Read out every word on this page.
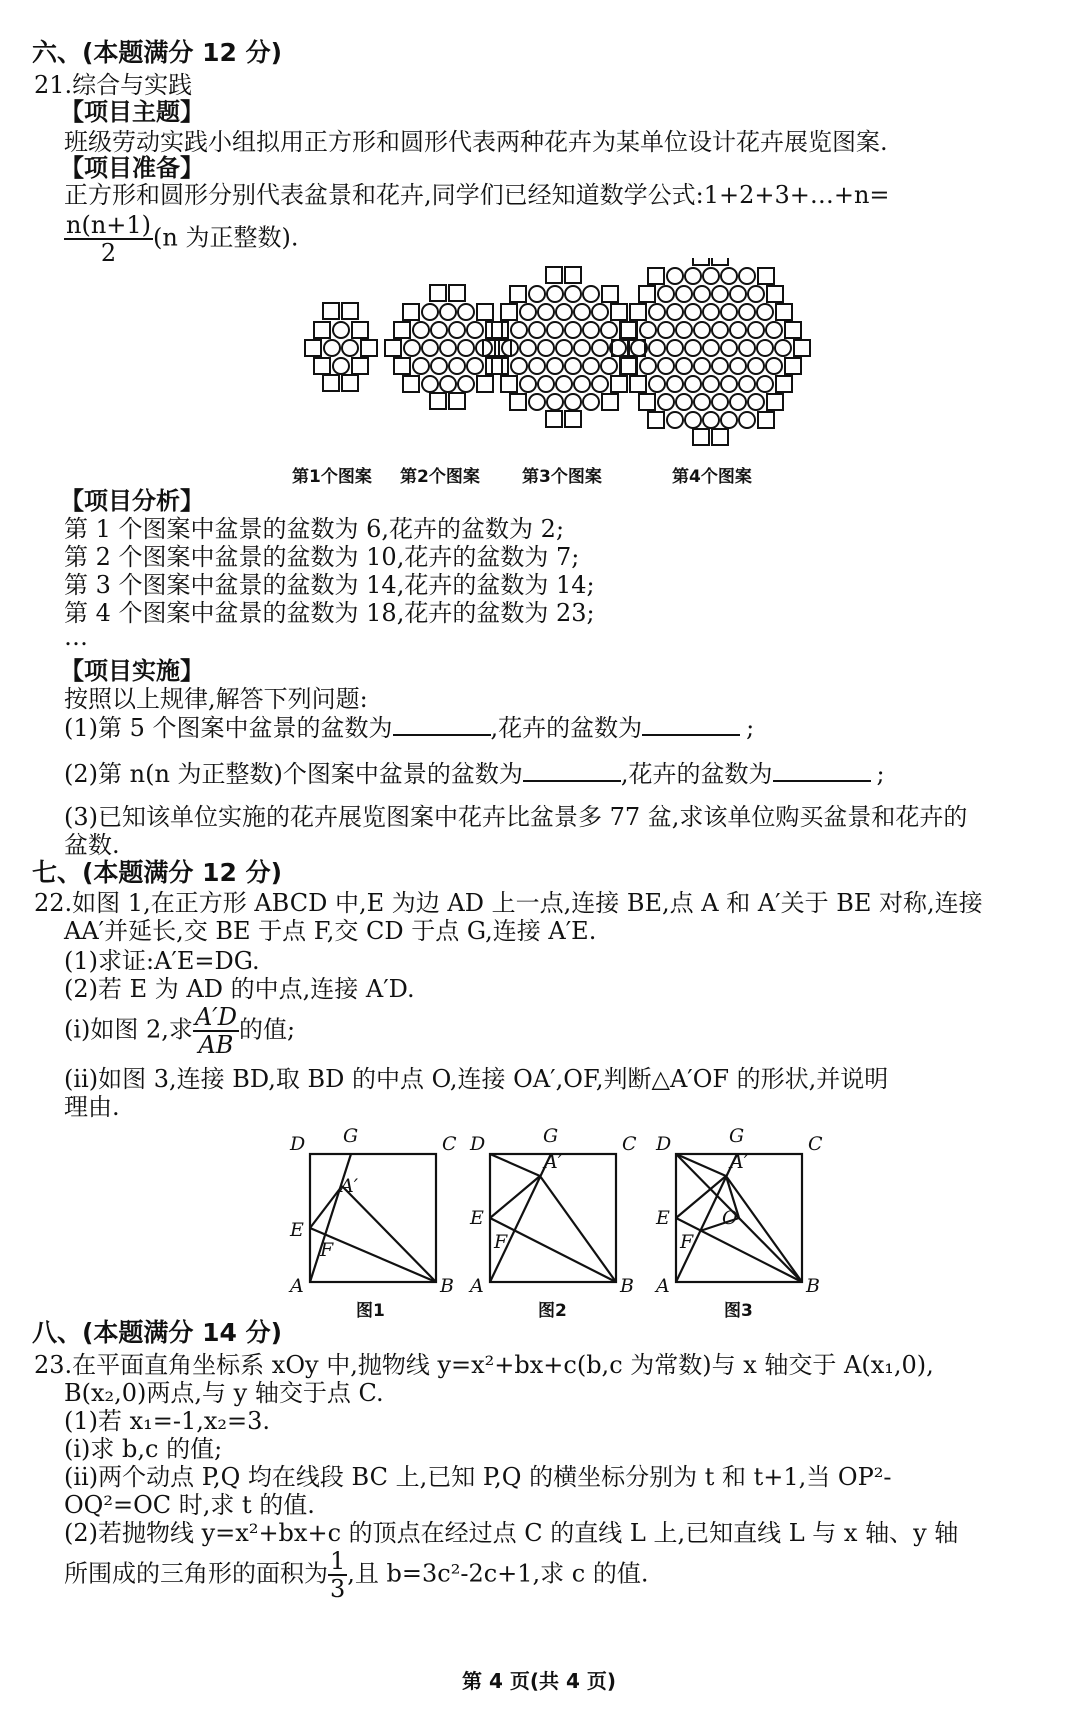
六、(本题满分 12 分)
21.综合与实践
【项目主题】
班级劳动实践小组拟用正方形和圆形代表两种花卉为某单位设计花卉展览图案.
【项目准备】
正方形和圆形分别代表盆景和花卉,同学们已经知道数学公式:1+2+3+…+n=
$\frac{n(n+1)}{2} (n$ 为正整数).
第1个图案 第2个图案 第3个图案	第4个图案
【项目分析】
第 1 个图案中盆景的盆数为 6,花卉的盆数为 2;
第 2 个图案中盆景的盆数为 10,花卉的盆数为 7;
第 3 个图案中盆景的盆数为 14,花卉的盆数为 14;
第 4 个图案中盆景的盆数为 18,花卉的盆数为 23;
…
【项目实施】
按照以上规律,解答下列问题:
(1)第 5 个图案中盆景的盆数为	,花卉的盆数为	;
(2)第 n(n 为正整数)个图案中盆景的盆数为	,花卉的盆数为	;
(3)已知该单位实施的花卉展览图案中花卉比盆景多 77 盆,求该单位购买盆景和花卉的
盆数.
七、(本题满分 12 分)
22.如图 1,在正方形 ABCD 中,E 为边 AD 上一点,连接 BE,点 A 和 A′关于 BE 对称,连接
AA′并延长,交 BE 于点 F,交 CD 于点 G,连接 A′E.
(1)求证:A′E=DG.
(2)若 E 为 AD 的中点,连接 A′D.
(ⅰ)如图 2,求 $\frac{A'D}{AB}$ 的值;
(ⅱ)如图 3,连接 BD,取 BD 的中点 O,连接 OA′,OF,判断△A′OF 的形状,并说明
理由.
D G	C
A′
E
F
A	B
D	G	C
A′
E
F
A	B
D	G	C
A′
E
F
O
A	B
图1	图2	图3
八、(本题满分 14 分)
23.在平面直角坐标系 xOy 中,抛物线 y=x²+bx+c(b,c 为常数)与 x 轴交于 A(x₁,0),
B(x₂,0)两点,与 y 轴交于点 C.
(1)若 x₁=-1,x₂=3.
(ⅰ)求 b,c 的值;
(ⅱ)两个动点 P,Q 均在线段 BC 上,已知 P,Q 的横坐标分别为 t 和 t+1,当 OP²-
OQ²=OC 时,求 t 的值.
(2)若抛物线 y=x²+bx+c 的顶点在经过点 C 的直线 L 上,已知直线 L 与 x 轴、y 轴
所围成的三角形的面积为 $\frac{1}{3}$ ,且 b=3c²-2c+1,求 c 的值.
第 4 页(共 4 页)
